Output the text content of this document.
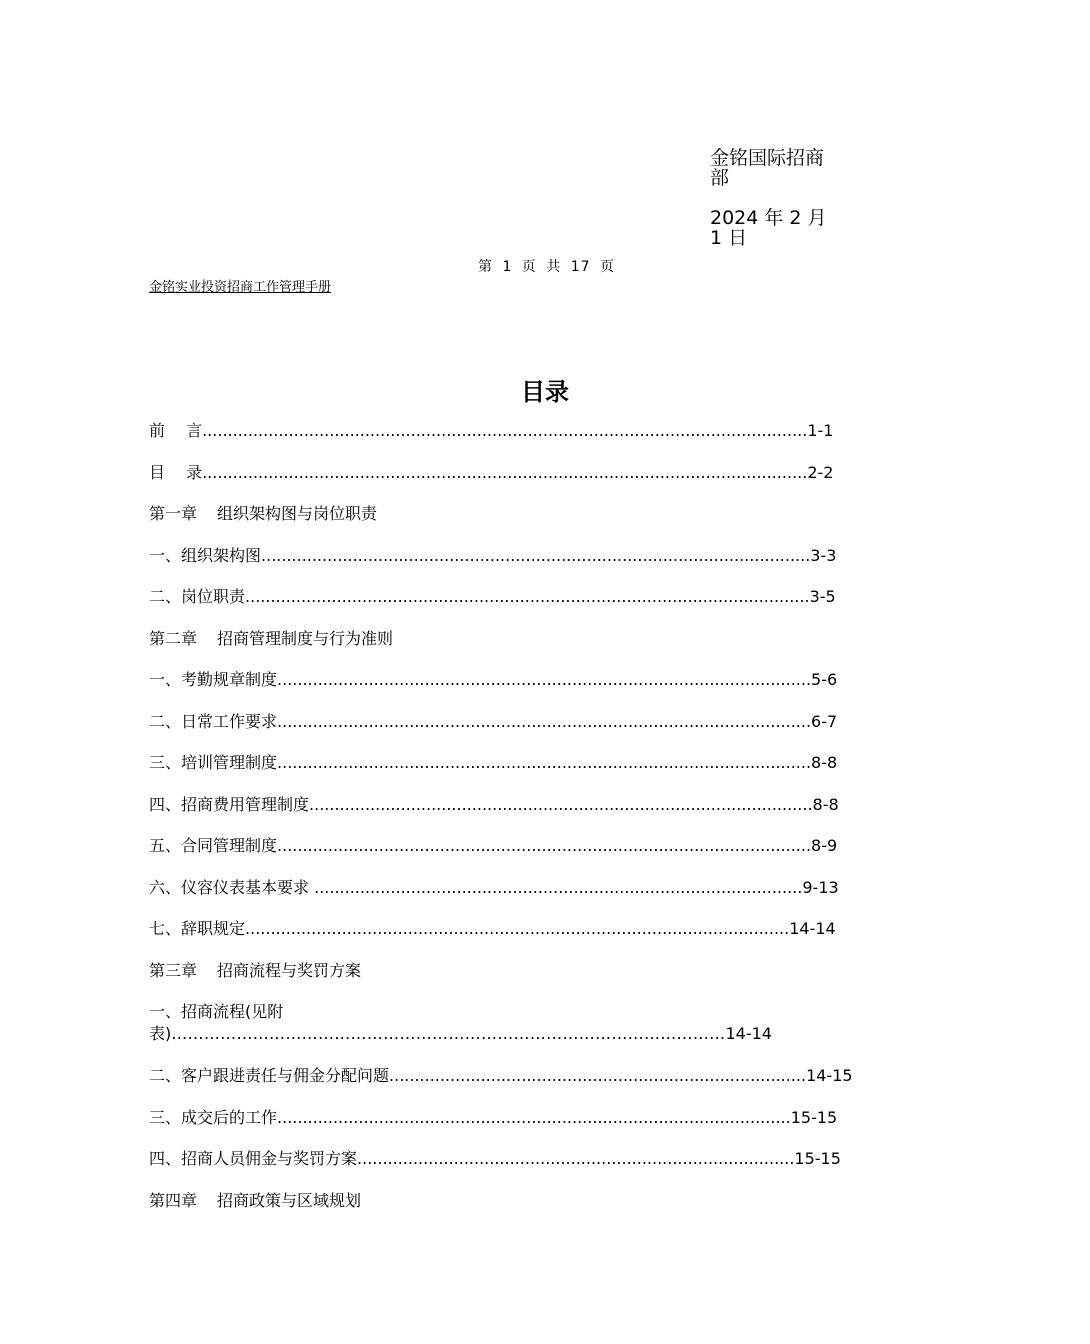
金铭国际招商部
2024 年 2 月 1 日
第 1 页 共 17 页
金铭实业投资招商工作管理手册
目录
前　 言.......................................................................................................................1-1
目　 录.......................................................................................................................2-2
第一章 组织架构图与岗位职责
一、组织架构图............................................................................................................3-3
二、岗位职责...............................................................................................................3-5
第二章 招商管理制度与行为准则
一、考勤规章制度.........................................................................................................5-6
二、日常工作要求.........................................................................................................6-7
三、培训管理制度.........................................................................................................8-8
四、招商费用管理制度...................................................................................................8-8
五、合同管理制度.........................................................................................................8-9
六、仪容仪表基本要求 ................................................................................................9-13
七、辞职规定...........................................................................................................14-14
第三章 招商流程与奖罚方案
一、招商流程(见附表)…………………………………………………………………………………………14-14
二、客户跟进责任与佣金分配问题..................................................................................14-15
三、成交后的工作.....................................................................................................15-15
四、招商人员佣金与奖罚方案......................................................................................15-15
第四章 招商政策与区域规划
